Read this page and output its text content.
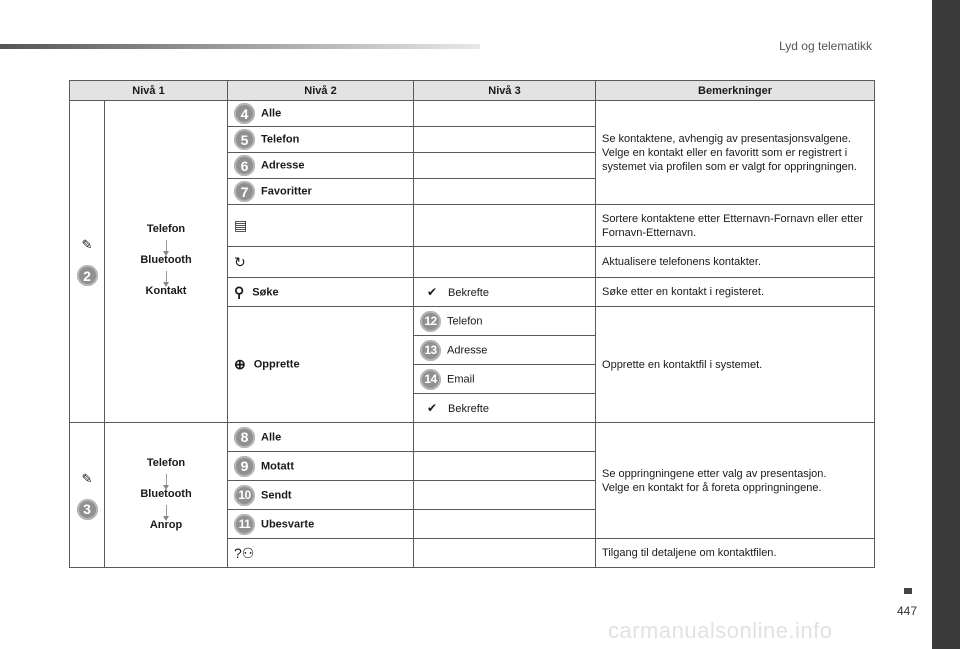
Lyd og telematikk
447
carmanualsonline.info
Nivå 1		Nivå 2	Nivå 3	Bemerkninger

✎
2	Telefon
Bluetooth
Kontakt	4 Alle		Se kontaktene, avhengig av presentasjonsvalgene.
Velge en kontakt eller en favoritt som er registrert i systemet via profilen som er valgt for oppringningen.
		5 Telefon		
		6 Adresse		
		7 Favoritter		
		▤		Sortere kontaktene etter Etternavn-Fornavn eller etter Fornavn-Etternavn.
		↻		Aktualisere telefonens kontakter.
		⚲ Søke	✔ Bekrefte	Søke etter en kontakt i registeret.
		⊕ Opprette	12 Telefon	Opprette en kontaktfil i systemet.
			13 Adresse	
			14 Email	
			✔ Bekrefte	

✎
3	Telefon
Bluetooth
Anrop	8 Alle		Se oppringningene etter valg av presentasjon.
Velge en kontakt for å foreta oppringningene.
		9 Motatt		
		10 Sendt		
		11 Ubesvarte		
		?⚇		Tilgang til detaljene om kontaktfilen.
